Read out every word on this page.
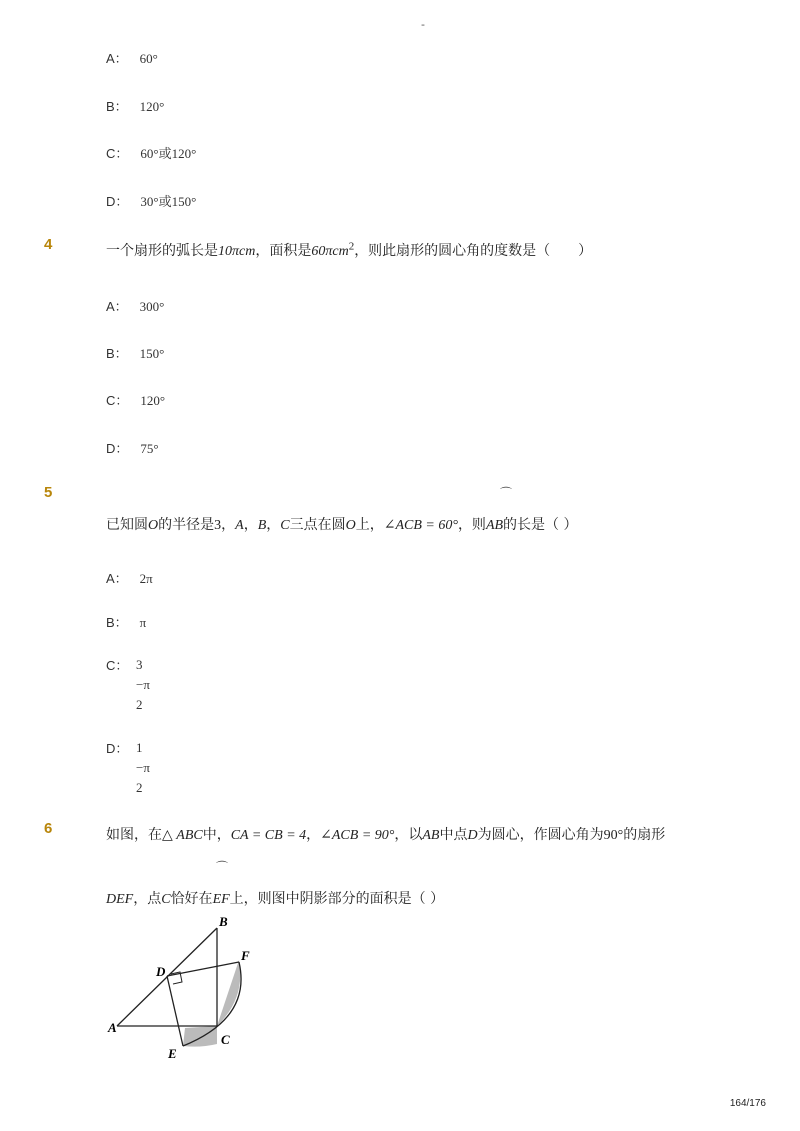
-
A： 60°
B： 120°
C： 60°或120°
D： 30°或150°
4	一个扇形的弧长是10πcm，面积是60πcm$^2$，则此扇形的圆心角的度数是（　　）
A： 300°
B： 150°
C： 120°
D： 75°
5	⌒
已知圆O的半径是3，A，B，C三点在圆O上，∠ACB = 60°，则AB的长是（ ）
A： 2π
B： π
C： 3
−π
2
D： 1
−π
2
6	如图，在△ ABC中，CA = CB = 4，∠ACB = 90°，以AB中点D为圆心，作圆心角为90°的扇形
⌒
DEF，点C恰好在EF上，则图中阴影部分的面积是（ ）
A
B
C
D
E
F
164/176
